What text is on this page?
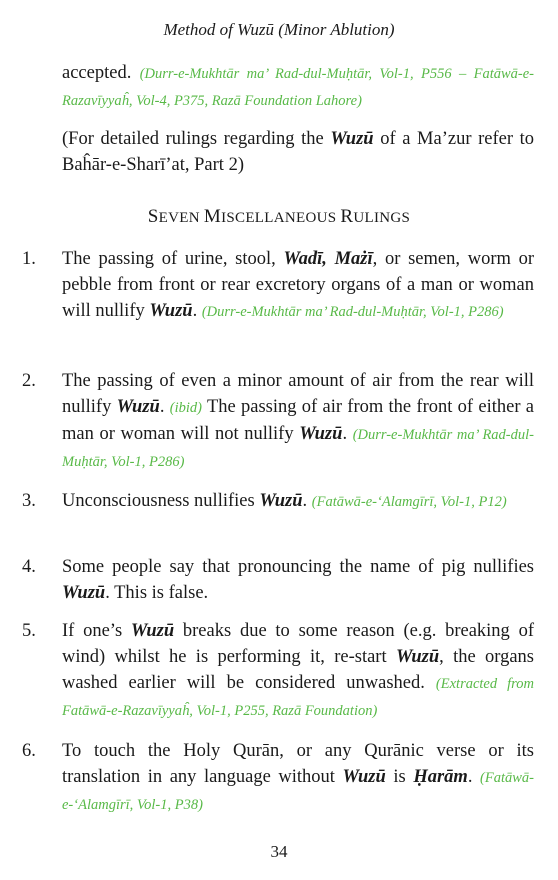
Method of Wuzū (Minor Ablution)
accepted. (Durr-e-Mukhtār ma’ Rad-dul-Muḥtār, Vol-1, P556 – Fatāwā-e-Razavīyyaĥ, Vol-4, P375, Razā Foundation Lahore)
(For detailed rulings regarding the Wuzū of a Ma’zur refer to Baĥār-e-Sharī’at, Part 2)
SEVEN MISCELLANEOUS RULINGS
1.	The passing of urine, stool, Wadī, Mażī, or semen, worm or pebble from front or rear excretory organs of a man or woman will nullify Wuzū. (Durr-e-Mukhtār ma’ Rad-dul-Muḥtār, Vol-1, P286)
2.	The passing of even a minor amount of air from the rear will nullify Wuzū. (ibid) The passing of air from the front of either a man or woman will not nullify Wuzū. (Durr-e-Mukhtār ma’ Rad-dul-Muḥtār, Vol-1, P286)
3.	Unconsciousness nullifies Wuzū. (Fatāwā-e-‘Alamgīrī, Vol-1, P12)
4.	Some people say that pronouncing the name of pig nullifies Wuzū. This is false.
5.	If one’s Wuzū breaks due to some reason (e.g. breaking of wind) whilst he is performing it, re-start Wuzū, the organs washed earlier will be considered unwashed. (Extracted from Fatāwā-e-Razavīyyaĥ, Vol-1, P255, Razā Foundation)
6.	To touch the Holy Qurān, or any Qurānic verse or its translation in any language without Wuzū is Ḥarām. (Fatāwā-e-‘Alamgīrī, Vol-1, P38)
34
